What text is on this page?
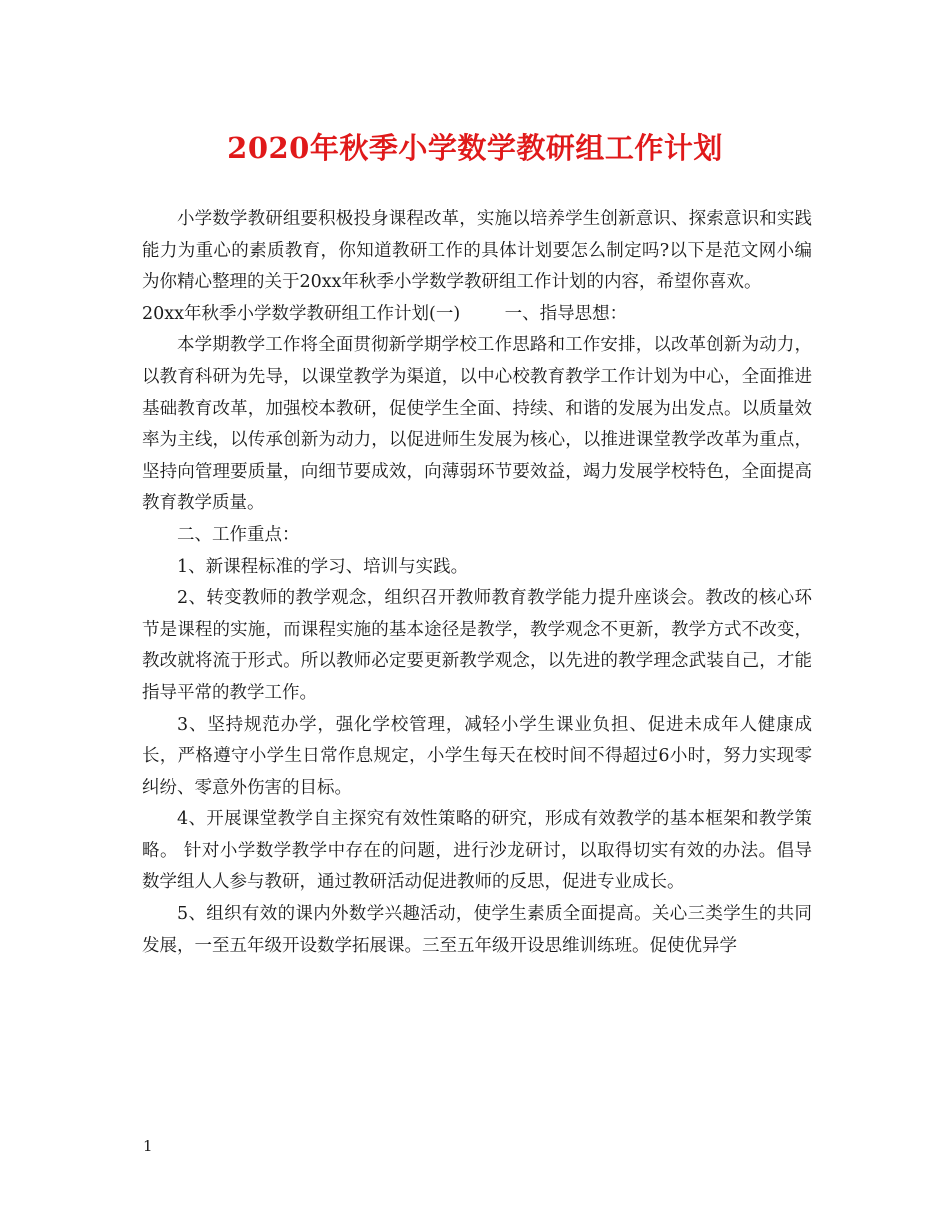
2020年秋季小学数学教研组工作计划

小学数学教研组要积极投身课程改革，实施以培养学生创新意识、探索意识和实践能力为重心的素质教育，你知道教研工作的具体计划要怎么制定吗?以下是范文网小编为你精心整理的关于20xx年秋季小学数学教研组工作计划的内容，希望你喜欢。

20xx年秋季小学数学教研组工作计划(一)        一、指导思想：

本学期教学工作将全面贯彻新学期学校工作思路和工作安排，以改革创新为动力，以教育科研为先导，以课堂教学为渠道，以中心校教育教学工作计划为中心，全面推进基础教育改革，加强校本教研，促使学生全面、持续、和谐的发展为出发点。以质量效率为主线，以传承创新为动力，以促进师生发展为核心，以推进课堂教学改革为重点，坚持向管理要质量，向细节要成效，向薄弱环节要效益，竭力发展学校特色，全面提高教育教学质量。

二、工作重点：

1、新课程标准的学习、培训与实践。

2、转变教师的教学观念，组织召开教师教育教学能力提升座谈会。教改的核心环节是课程的实施，而课程实施的基本途径是教学，教学观念不更新，教学方式不改变，教改就将流于形式。所以教师必定要更新教学观念，以先进的教学理念武装自己，才能指导平常的教学工作。

3、坚持规范办学，强化学校管理，减轻小学生课业负担、促进未成年人健康成长，严格遵守小学生日常作息规定，小学生每天在校时间不得超过6小时，努力实现零纠纷、零意外伤害的目标。

4、开展课堂教学自主探究有效性策略的研究，形成有效教学的基本框架和教学策略。 针对小学数学教学中存在的问题，进行沙龙研讨，以取得切实有效的办法。倡导数学组人人参与教研，通过教研活动促进教师的反思，促进专业成长。

5、组织有效的课内外数学兴趣活动，使学生素质全面提高。关心三类学生的共同发展，一至五年级开设数学拓展课。三至五年级开设思维训练班。促使优异学

1
